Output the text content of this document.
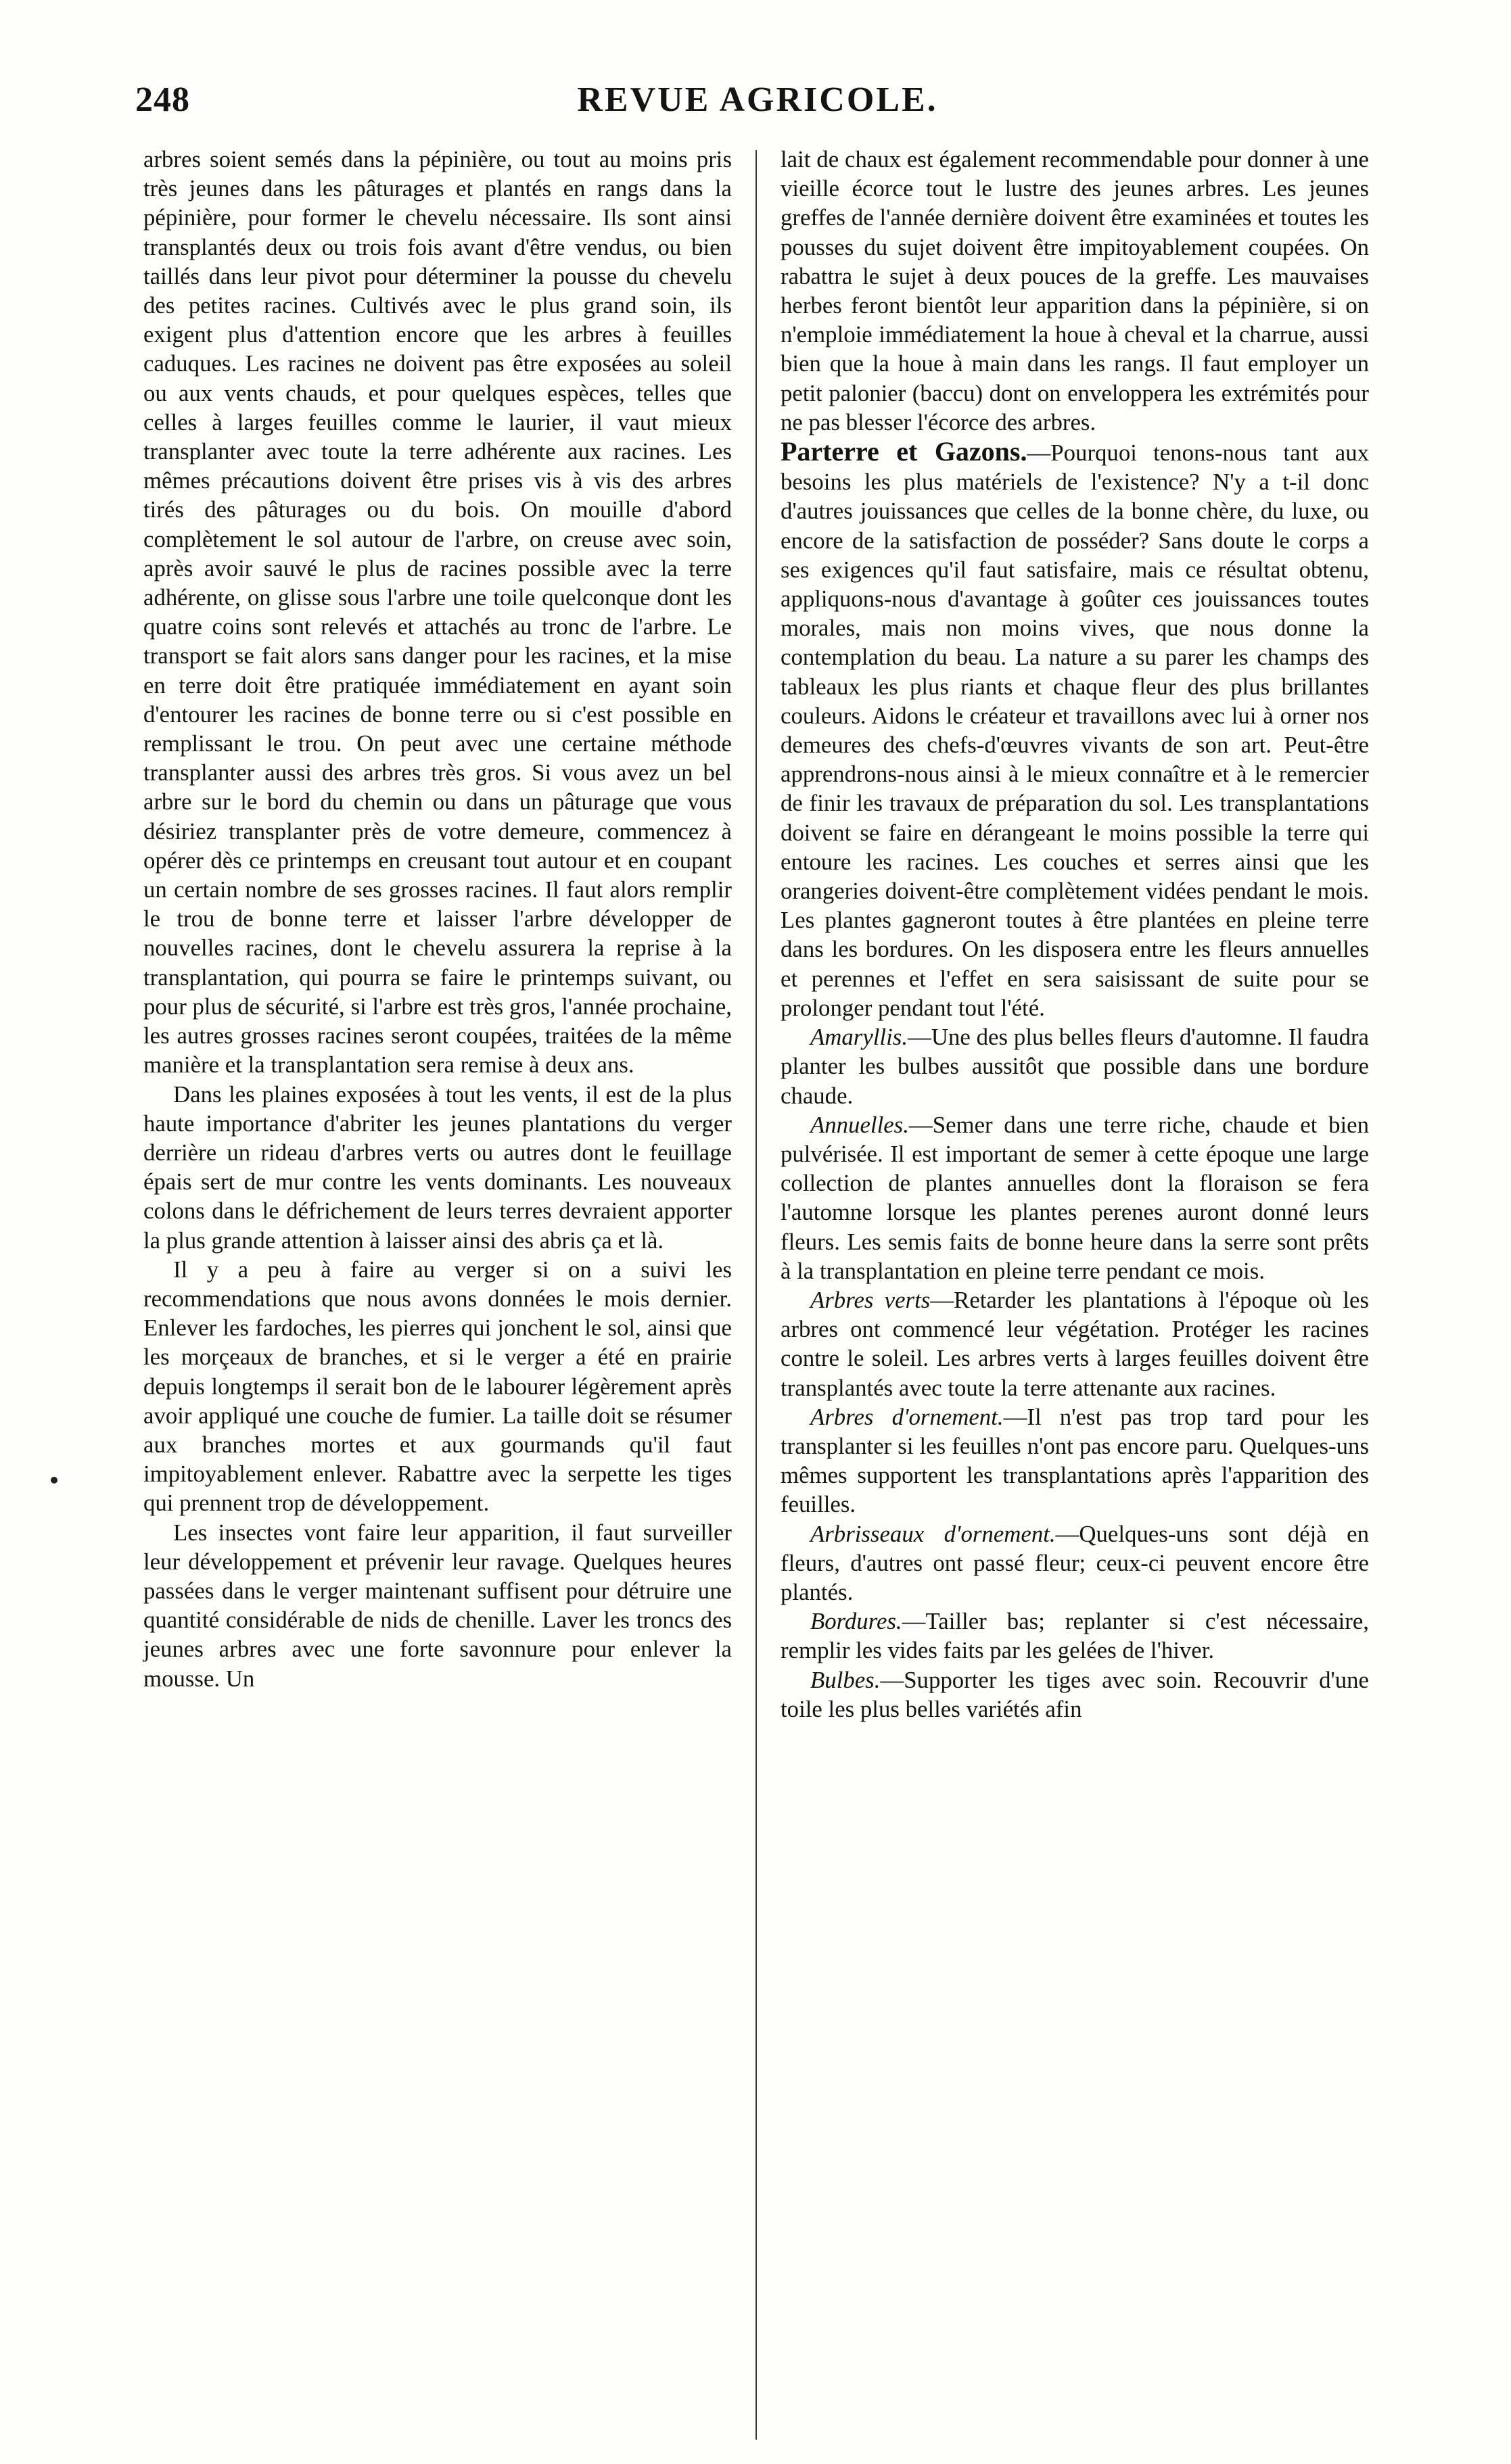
248	REVUE AGRICOLE.

arbres soient semés dans la pépinière, ou tout au moins pris très jeunes dans les pâturages et plantés en rangs dans la pépinière, pour former le chevelu nécessaire. Ils sont ainsi transplantés deux ou trois fois avant d'être vendus, ou bien taillés dans leur pivot pour déterminer la pousse du chevelu des petites racines. Cultivés avec le plus grand soin, ils exigent plus d'attention encore que les arbres à feuilles caduques. Les racines ne doivent pas être exposées au soleil ou aux vents chauds, et pour quelques espèces, telles que celles à larges feuilles comme le laurier, il vaut mieux transplanter avec toute la terre adhérente aux racines. Les mêmes précautions doivent être prises vis à vis des arbres tirés des pâturages ou du bois. On mouille d'abord complètement le sol autour de l'arbre, on creuse avec soin, après avoir sauvé le plus de racines possible avec la terre adhérente, on glisse sous l'arbre une toile quelconque dont les quatre coins sont relevés et attachés au tronc de l'arbre. Le transport se fait alors sans danger pour les racines, et la mise en terre doit être pratiquée immédiatement en ayant soin d'entourer les racines de bonne terre ou si c'est possible en remplissant le trou. On peut avec une certaine méthode transplanter aussi des arbres très gros. Si vous avez un bel arbre sur le bord du chemin ou dans un pâturage que vous désiriez transplanter près de votre demeure, commencez à opérer dès ce printemps en creusant tout autour et en coupant un certain nombre de ses grosses racines. Il faut alors remplir le trou de bonne terre et laisser l'arbre développer de nouvelles racines, dont le chevelu assurera la reprise à la transplantation, qui pourra se faire le printemps suivant, ou pour plus de sécurité, si l'arbre est très gros, l'année prochaine, les autres grosses racines seront coupées, traitées de la même manière et la transplantation sera remise à deux ans.

Dans les plaines exposées à tout les vents, il est de la plus haute importance d'abriter les jeunes plantations du verger derrière un rideau d'arbres verts ou autres dont le feuillage épais sert de mur contre les vents dominants. Les nouveaux colons dans le défrichement de leurs terres devraient apporter la plus grande attention à laisser ainsi des abris ça et là.

Il y a peu à faire au verger si on a suivi les recommendations que nous avons données le mois dernier. Enlever les fardoches, les pierres qui jonchent le sol, ainsi que les morçeaux de branches, et si le verger a été en prairie depuis longtemps il serait bon de le labourer légèrement après avoir appliqué une couche de fumier. La taille doit se résumer aux branches mortes et aux gourmands qu'il faut impitoyablement enlever. Rabattre avec la serpette les tiges qui prennent trop de développement.

Les insectes vont faire leur apparition, il faut surveiller leur développement et prévenir leur ravage. Quelques heures passées dans le verger maintenant suffisent pour détruire une quantité considérable de nids de chenille. Laver les troncs des jeunes arbres avec une forte savonnure pour enlever la mousse. Un

lait de chaux est également recommendable pour donner à une vieille écorce tout le lustre des jeunes arbres. Les jeunes greffes de l'année dernière doivent être examinées et toutes les pousses du sujet doivent être impitoyablement coupées. On rabattra le sujet à deux pouces de la greffe. Les mauvaises herbes feront bientôt leur apparition dans la pépinière, si on n'emploie immédiatement la houe à cheval et la charrue, aussi bien que la houe à main dans les rangs. Il faut employer un petit palonier (baccu) dont on enveloppera les extrémités pour ne pas blesser l'écorce des arbres.

Parterre et Gazons.—Pourquoi tenons-nous tant aux besoins les plus matériels de l'existence? N'y a t-il donc d'autres jouissances que celles de la bonne chère, du luxe, ou encore de la satisfaction de posséder? Sans doute le corps a ses exigences qu'il faut satisfaire, mais ce résultat obtenu, appliquons-nous d'avantage à goûter ces jouissances toutes morales, mais non moins vives, que nous donne la contemplation du beau. La nature a su parer les champs des tableaux les plus riants et chaque fleur des plus brillantes couleurs. Aidons le créateur et travaillons avec lui à orner nos demeures des chefs-d'œuvres vivants de son art. Peut-être apprendrons-nous ainsi à le mieux connaître et à le remercier de finir les travaux de préparation du sol. Les transplantations doivent se faire en dérangeant le moins possible la terre qui entoure les racines. Les couches et serres ainsi que les orangeries doivent-être complètement vidées pendant le mois. Les plantes gagneront toutes à être plantées en pleine terre dans les bordures. On les disposera entre les fleurs annuelles et perennes et l'effet en sera saisissant de suite pour se prolonger pendant tout l'été.

Amaryllis.—Une des plus belles fleurs d'automne. Il faudra planter les bulbes aussitôt que possible dans une bordure chaude.

Annuelles.—Semer dans une terre riche, chaude et bien pulvérisée. Il est important de semer à cette époque une large collection de plantes annuelles dont la floraison se fera l'automne lorsque les plantes perenes auront donné leurs fleurs. Les semis faits de bonne heure dans la serre sont prêts à la transplantation en pleine terre pendant ce mois.

Arbres verts—Retarder les plantations à l'époque où les arbres ont commencé leur végétation. Protéger les racines contre le soleil. Les arbres verts à larges feuilles doivent être transplantés avec toute la terre attenante aux racines.

Arbres d'ornement.—Il n'est pas trop tard pour les transplanter si les feuilles n'ont pas encore paru. Quelques-uns mêmes supportent les transplantations après l'apparition des feuilles.

Arbrisseaux d'ornement.—Quelques-uns sont déjà en fleurs, d'autres ont passé fleur; ceux-ci peuvent encore être plantés.

Bordures.—Tailler bas; replanter si c'est nécessaire, remplir les vides faits par les gelées de l'hiver.

Bulbes.—Supporter les tiges avec soin. Recouvrir d'une toile les plus belles variétés afin
